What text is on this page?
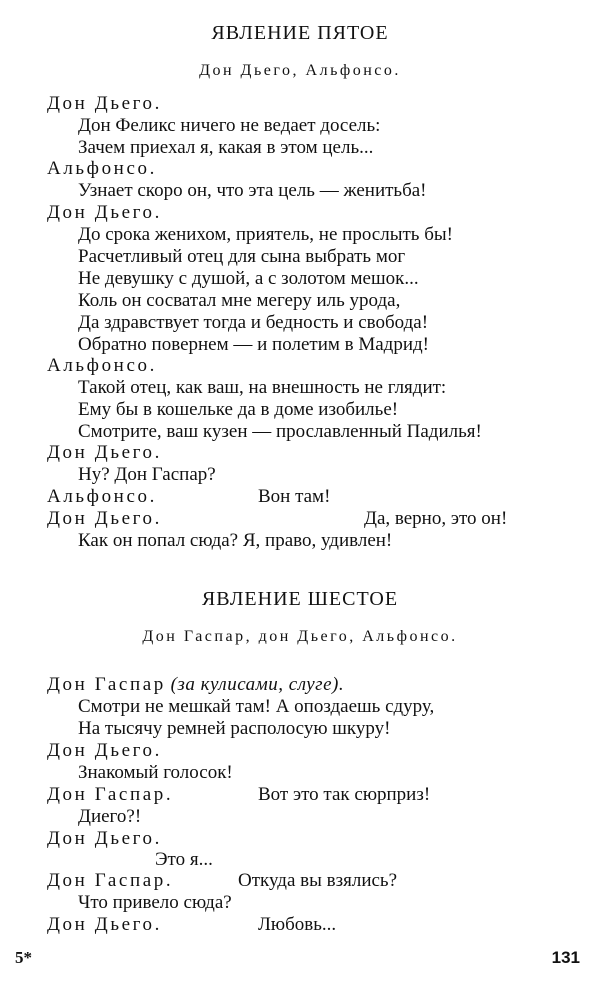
ЯВЛЕНИЕ ПЯТОЕ
Дон Дьего, Альфонсо.
Дон Дьего.
Дон Феликс ничего не ведает досель:
Зачем приехал я, какая в этом цель...
Альфонсо.
Узнает скоро он, что эта цель — женитьба!
Дон Дьего.
До срока женихом, приятель, не прослыть бы!
Расчетливый отец для сына выбрать мог
Не девушку с душой, а с золотом мешок...
Коль он сосватал мне мегеру иль урода,
Да здравствует тогда и бедность и свобода!
Обратно повернем — и полетим в Мадрид!
Альфонсо.
Такой отец, как ваш, на внешность не глядит:
Ему бы в кошельке да в доме изобилье!
Смотрите, ваш кузен — прославленный Падилья!
Дон Дьего.
Ну? Дон Гаспар?
Альфонсо.	Вон там!
Дон Дьего.	Да, верно, это он!
Как он попал сюда? Я, право, удивлен!
ЯВЛЕНИЕ ШЕСТОЕ
Дон Гаспар, дон Дьего, Альфонсо.
Дон Гаспар (за кулисами, слуге).
Смотри не мешкай там! А опоздаешь сдуру,
На тысячу ремней располосую шкуру!
Дон Дьего.
Знакомый голосок!
Дон Гаспар.	Вот это так сюрприз!
Диего?!
Дон Дьего.
Это я...
Дон Гаспар.	Откуда вы взялись?
Что привело сюда?
Дон Дьего.	Любовь...
5*	131
